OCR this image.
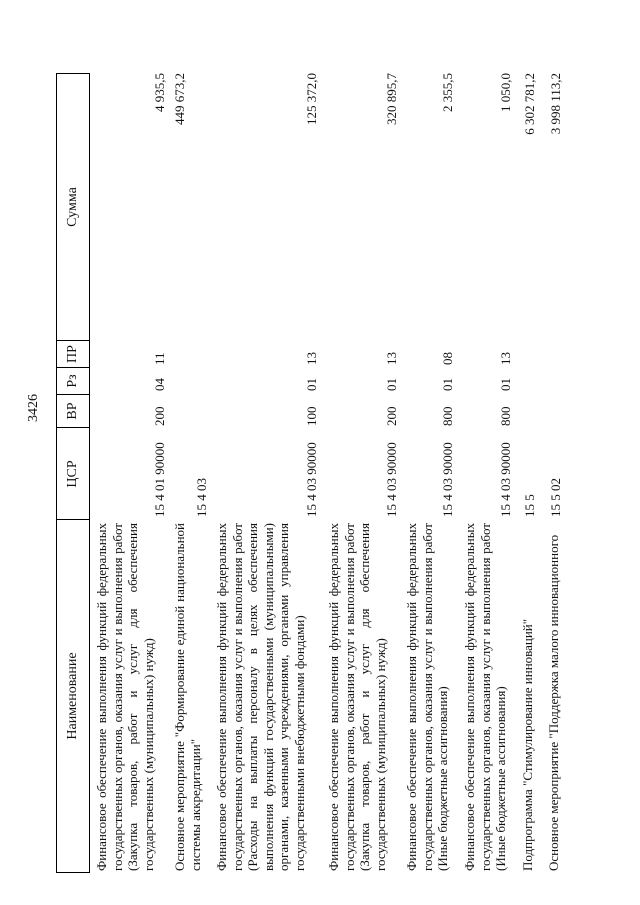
3426
Наименование
ЦСР
ВР
Рз
ПР
Сумма
Финансовое обеспечение выполнения функций федеральных государственных органов, оказания услуг и выполнения работ (Закупка товаров, работ и услуг для обеспечения государственных (муниципальных) нужд)
15 4 01 90000
200
04
11
4 935,5
Основное мероприятие "Формирование единой национальной системы аккредитации"
15 4 03
449 673,2
Финансовое обеспечение выполнения функций федеральных государственных органов, оказания услуг и выполнения работ (Расходы на выплаты персоналу в целях обеспечения выполнения функций государственными (муниципальными) органами, казенными учреждениями, органами управления государственными внебюджетными фондами)
15 4 03 90000
100
01
13
125 372,0
Финансовое обеспечение выполнения функций федеральных государственных органов, оказания услуг и выполнения работ (Закупка товаров, работ и услуг для обеспечения государственных (муниципальных) нужд)
15 4 03 90000
200
01
13
320 895,7
Финансовое обеспечение выполнения функций федеральных государственных органов, оказания услуг и выполнения работ (Иные бюджетные ассигнования)
15 4 03 90000
800
01
08
2 355,5
Финансовое обеспечение выполнения функций федеральных государственных органов, оказания услуг и выполнения работ (Иные бюджетные ассигнования)
15 4 03 90000
800
01
13
1 050,0
Подпрограмма "Стимулирование инноваций"
15 5
6 302 781,2
Основное мероприятие "Поддержка малого инновационного
15 5 02
3 998 113,2
